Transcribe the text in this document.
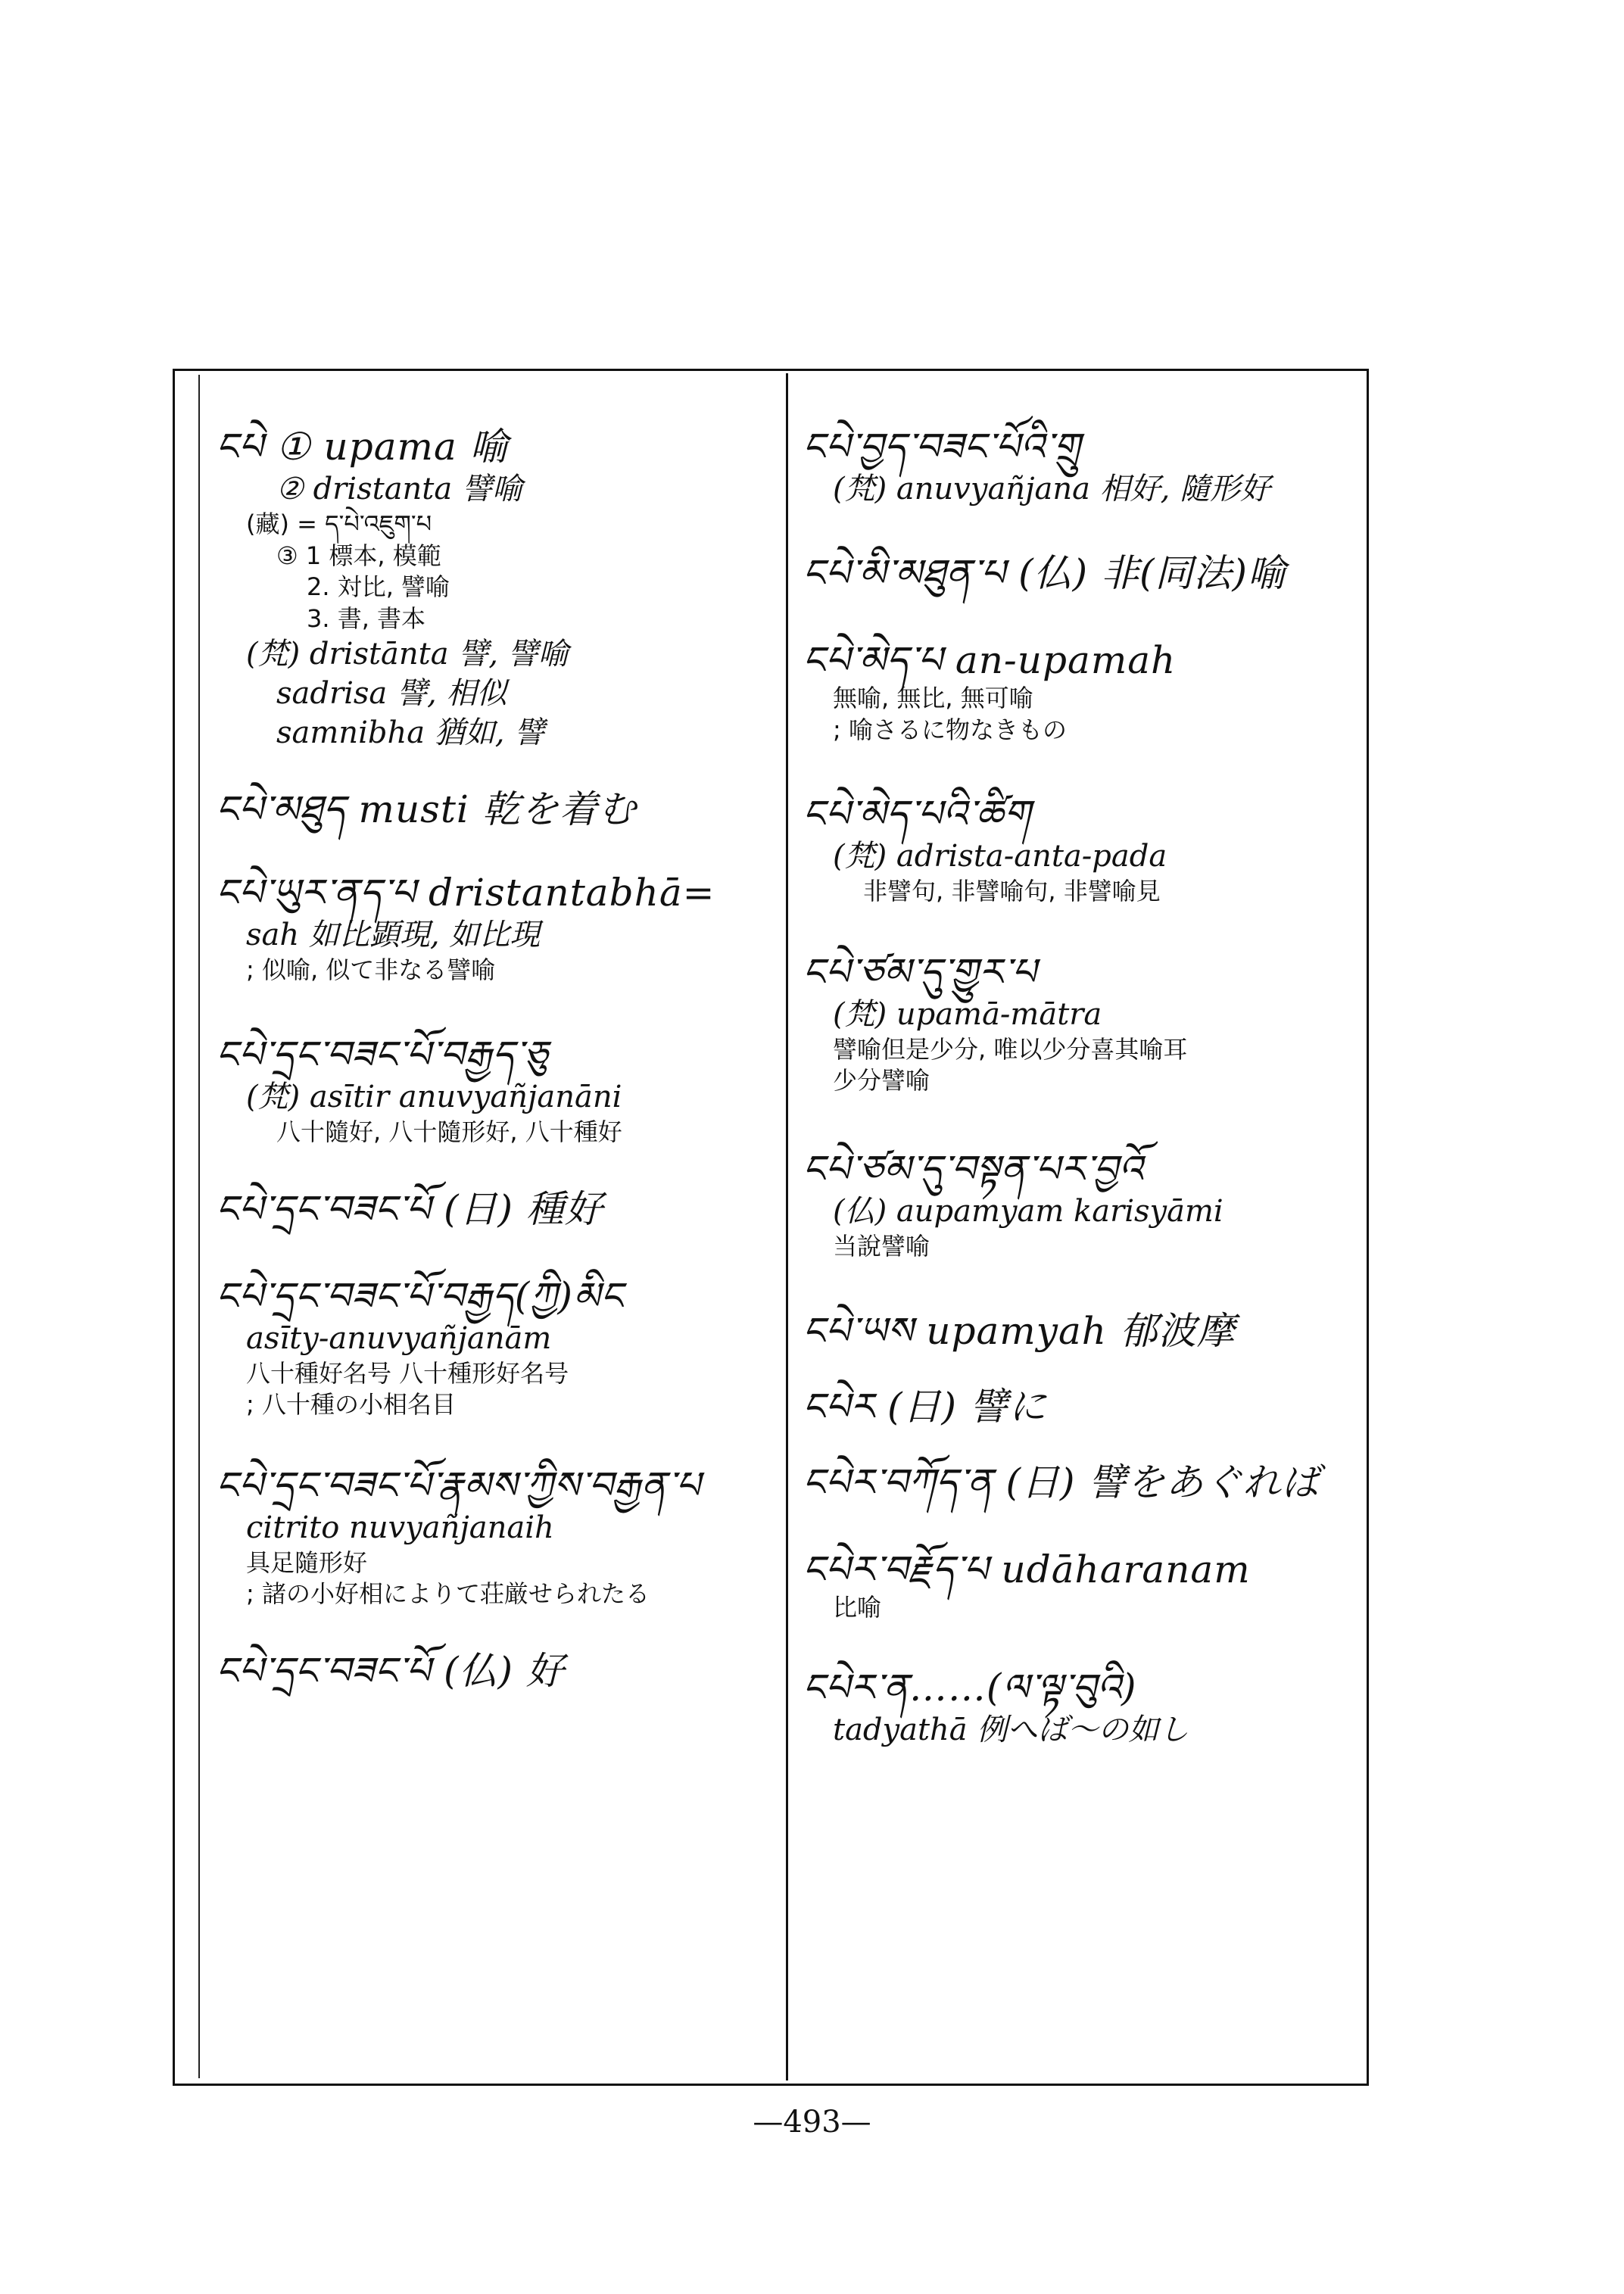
ངཔེ ① upama 喻
② dristanta 譬喻
(藏) = ད་པེ་འཇུག་པ
③ 1 標本, 模範
2. 対比, 譬喻
3. 書, 書本
(梵) dristānta 譬, 譬喻
sadrisa 譬, 相似
samnibha 猶如, 譬
ངཔེ་མཐུད musti 乾を着む
ངཔེ་ཡུར་ནད་པ dristantabhā=
sah 如比顕現, 如比現
; 似喻, 似て非なる譬喻
ངཔེ་དྲང་བཟང་པོ་བརྒྱད་ཅུ
(梵) asītir anuvyañjanāni
八十隨好, 八十隨形好, 八十種好
ངཔེ་དྲང་བཟང་པོ (日) 種好
ངཔེ་དྲང་བཟང་པོ་བརྒྱད(ཀྱི)མིང
asīty-anuvyañjanām
八十種好名号 八十種形好名号
; 八十種の小相名目
ངཔེ་དྲང་བཟང་པོ་རྣམས་ཀྱིས་བརྒྱན་པ
citrito nuvyañjanaih
具足隨形好
; 諸の小好相によりて荘厳せられたる
ངཔེ་དྲང་བཟང་པོ (仏) 好
ངཔེ་བྱད་བཟང་པོའི་གྲུ
(梵) anuvyañjana 相好, 隨形好
ངཔེ་མི་མཐུན་པ (仏) 非(同法)喻
ངཔེ་མེད་པ an-upamah
無喻, 無比, 無可喻
; 喻さるに物なきもの
ངཔེ་མེད་པའི་ཚིག
(梵) adrista-anta-pada
非譬句, 非譬喻句, 非譬喻見
ངཔེ་ཙམ་དུ་གྱུར་པ
(梵) upamā-mātra
譬喻但是少分, 唯以少分喜其喻耳
少分譬喻
ངཔེ་ཙམ་དུ་བསྟན་པར་བྱའོ
(仏) aupamyam karisyāmi
当說譬喻
ངཔེ་ཡས upamyah 郁波摩
ངཔེར (日) 譬に
ངཔེར་བཀོད་ན (日) 譬をあぐれば
ངཔེར་བརྗོད་པ udāharanam
比喻
ངཔེར་ན……(ལ་ལྟ་བུའི)
tadyathā 例へば〜の如し
—493—
